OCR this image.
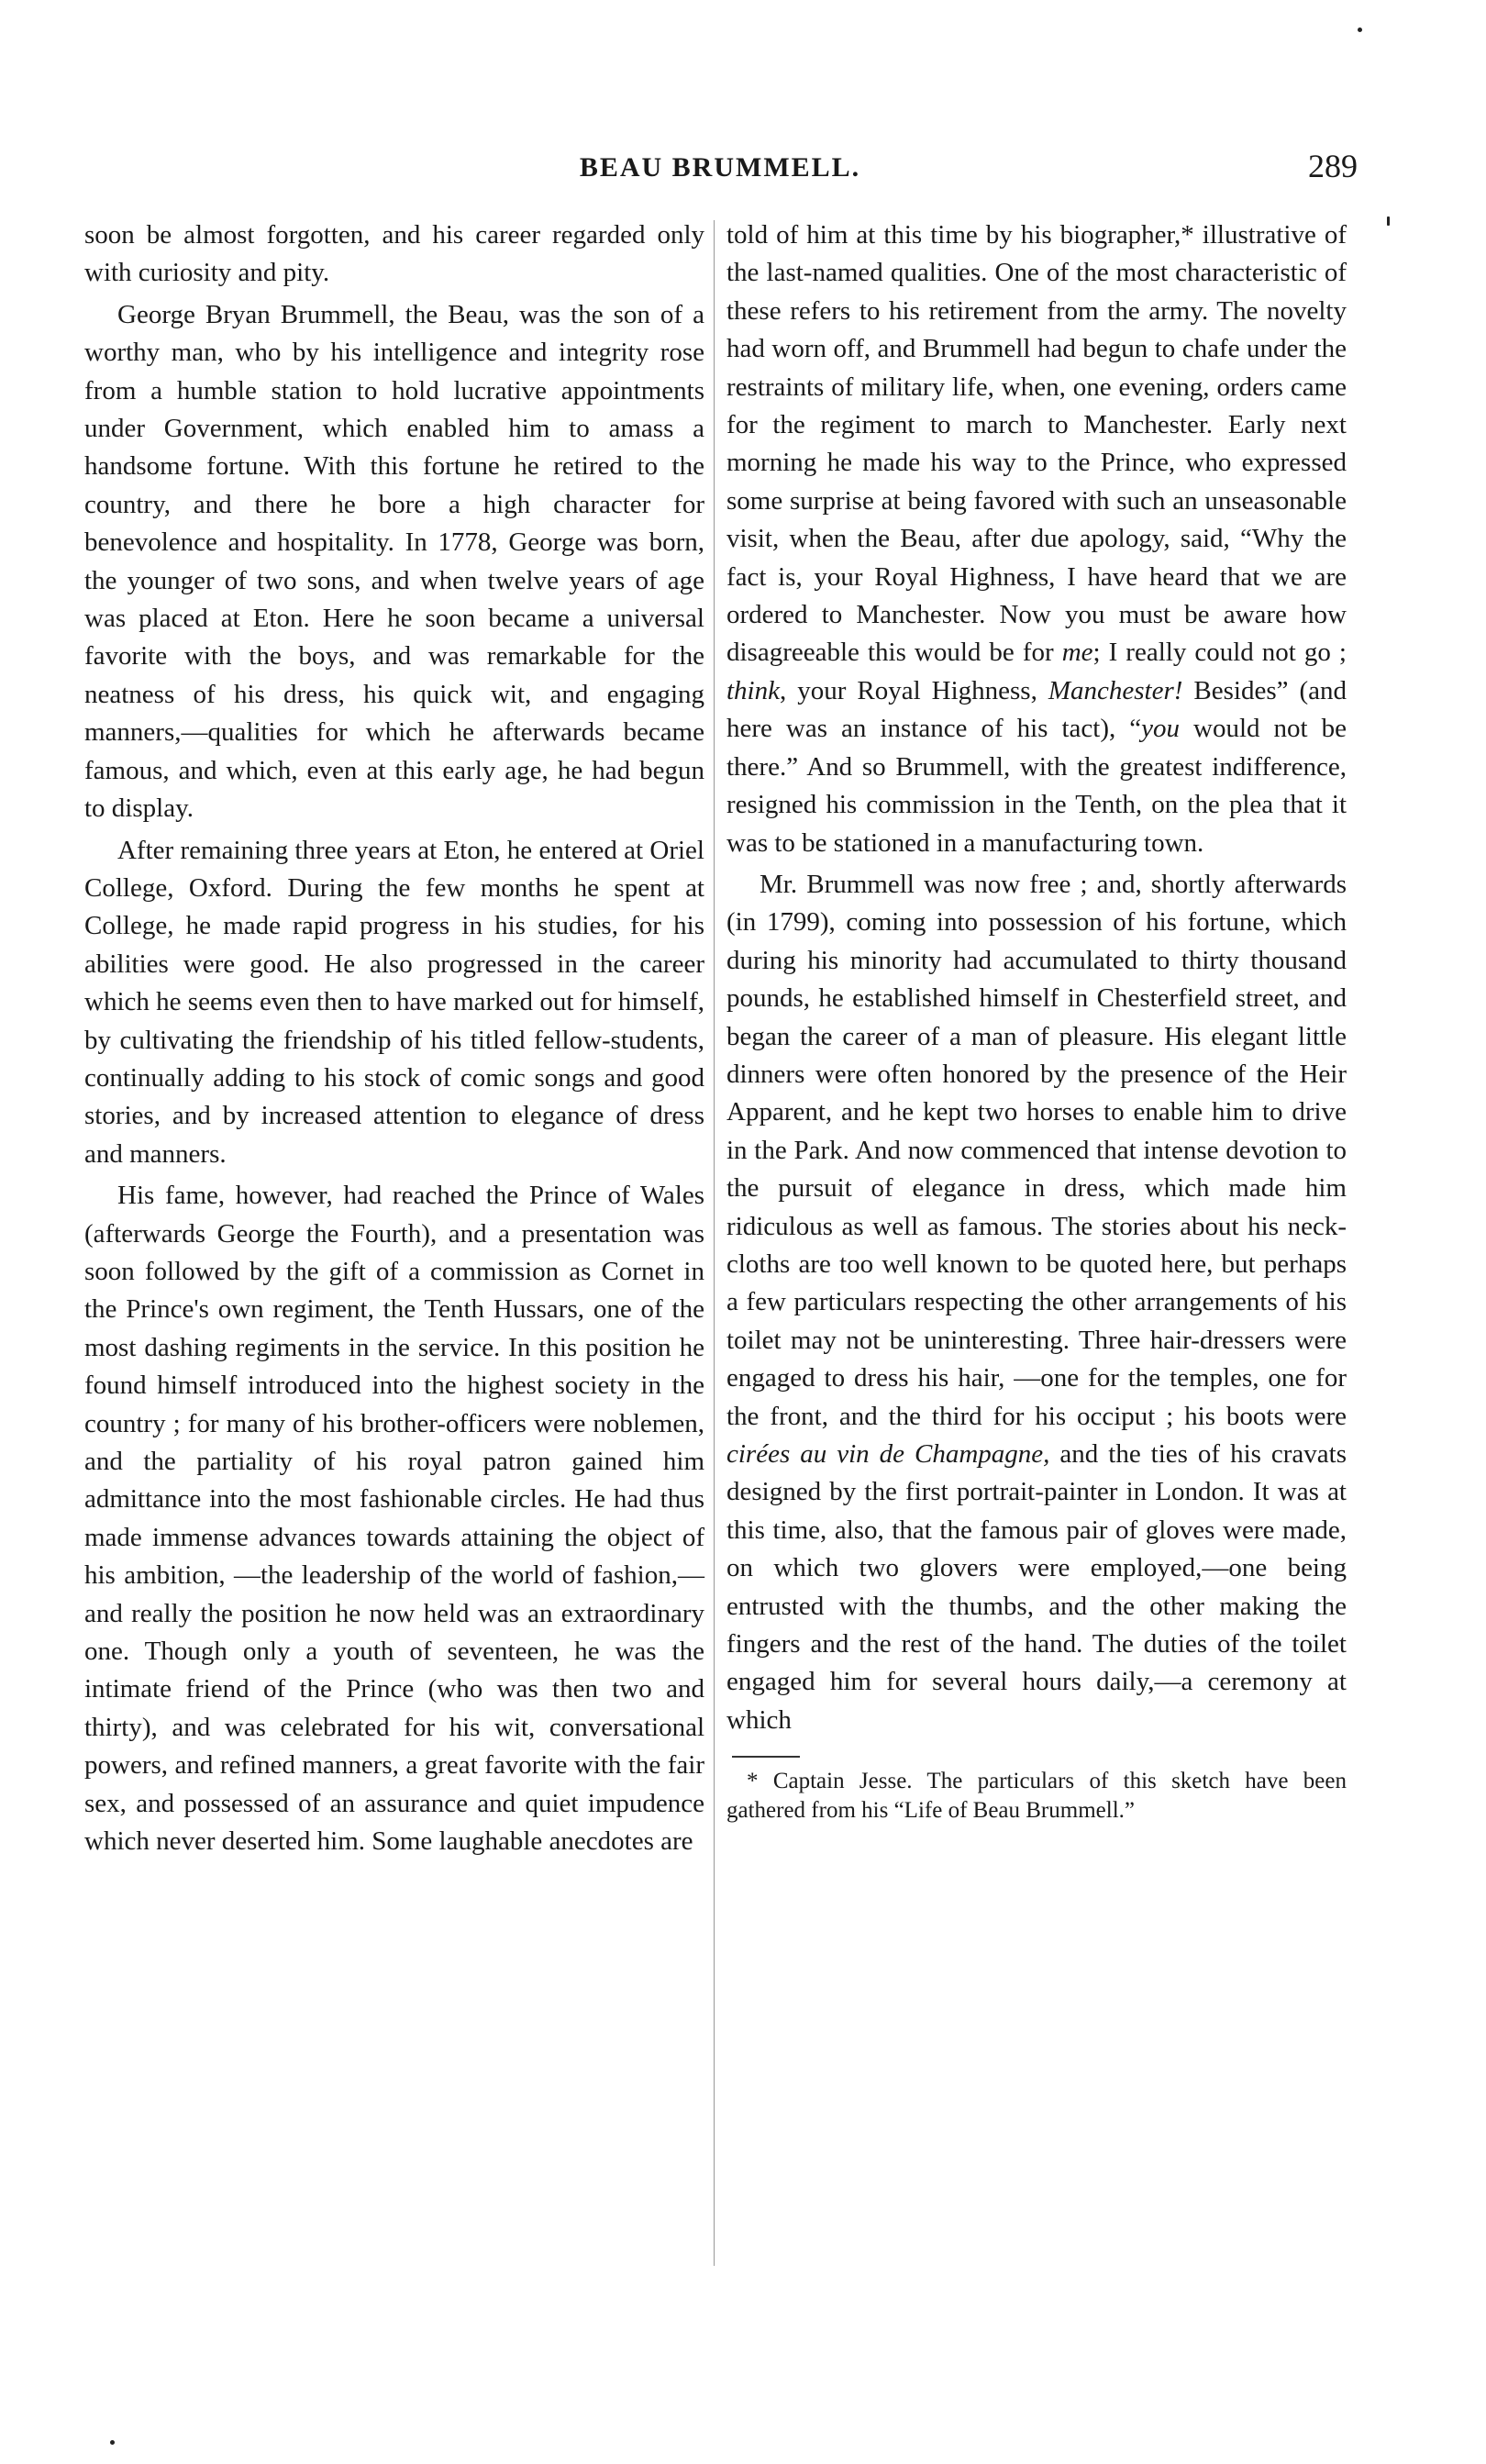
BEAU BRUMMELL.	289

soon be almost forgotten, and his career regarded only with curiosity and pity.

George Bryan Brummell, the Beau, was the son of a worthy man, who by his intelligence and integrity rose from a humble station to hold lucrative appointments under Government, which enabled him to amass a handsome fortune. With this fortune he retired to the country, and there he bore a high character for benevolence and hospitality. In 1778, George was born, the younger of two sons, and when twelve years of age was placed at Eton. Here he soon became a universal favorite with the boys, and was remarkable for the neatness of his dress, his quick wit, and engaging manners,—qualities for which he afterwards became famous, and which, even at this early age, he had begun to display.

After remaining three years at Eton, he entered at Oriel College, Oxford. During the few months he spent at College, he made rapid progress in his studies, for his abilities were good. He also progressed in the career which he seems even then to have marked out for himself, by cultivating the friendship of his titled fellow-students, continually adding to his stock of comic songs and good stories, and by increased attention to elegance of dress and manners.

His fame, however, had reached the Prince of Wales (afterwards George the Fourth), and a presentation was soon followed by the gift of a commission as Cornet in the Prince's own regiment, the Tenth Hussars, one of the most dashing regiments in the service. In this position he found himself introduced into the highest society in the country ; for many of his brother-officers were noblemen, and the partiality of his royal patron gained him admittance into the most fashionable circles. He had thus made immense advances towards attaining the object of his ambition, —the leadership of the world of fashion,— and really the position he now held was an extraordinary one. Though only a youth of seventeen, he was the intimate friend of the Prince (who was then two and thirty), and was celebrated for his wit, conversational powers, and refined manners, a great favorite with the fair sex, and possessed of an assurance and quiet impudence which never deserted him. Some laughable anecdotes are

told of him at this time by his biographer,* illustrative of the last-named qualities. One of the most characteristic of these refers to his retirement from the army. The novelty had worn off, and Brummell had begun to chafe under the restraints of military life, when, one evening, orders came for the regiment to march to Manchester. Early next morning he made his way to the Prince, who expressed some surprise at being favored with such an unseasonable visit, when the Beau, after due apology, said, “Why the fact is, your Royal Highness, I have heard that we are ordered to Manchester. Now you must be aware how disagreeable this would be for me; I really could not go ; think, your Royal Highness, Manchester! Besides” (and here was an instance of his tact), “you would not be there.” And so Brummell, with the greatest indifference, resigned his commission in the Tenth, on the plea that it was to be stationed in a manufacturing town.

Mr. Brummell was now free ; and, shortly afterwards (in 1799), coming into possession of his fortune, which during his minority had accumulated to thirty thousand pounds, he established himself in Chesterfield street, and began the career of a man of pleasure. His elegant little dinners were often honored by the presence of the Heir Apparent, and he kept two horses to enable him to drive in the Park. And now commenced that intense devotion to the pursuit of elegance in dress, which made him ridiculous as well as famous. The stories about his neck-cloths are too well known to be quoted here, but perhaps a few particulars respecting the other arrangements of his toilet may not be uninteresting. Three hair-dressers were engaged to dress his hair, —one for the temples, one for the front, and the third for his occiput ; his boots were cirées au vin de Champagne, and the ties of his cravats designed by the first portrait-painter in London. It was at this time, also, that the famous pair of gloves were made, on which two glovers were employed,—one being entrusted with the thumbs, and the other making the fingers and the rest of the hand. The duties of the toilet engaged him for several hours daily,—a ceremony at which

* Captain Jesse. The particulars of this sketch have been gathered from his “Life of Beau Brummell.”
